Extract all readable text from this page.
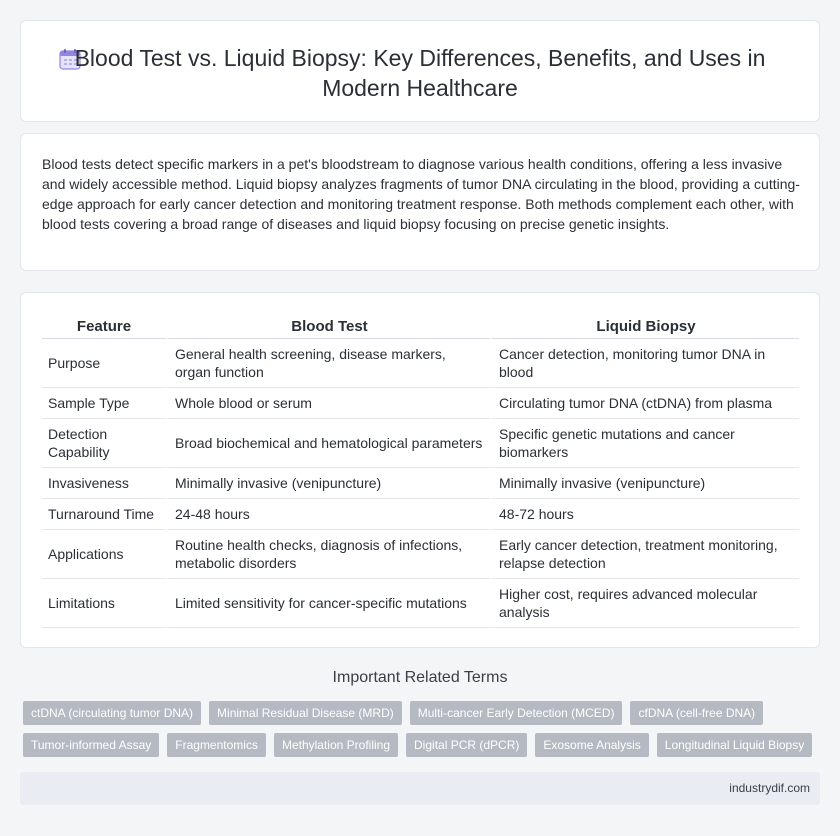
Blood Test vs. Liquid Biopsy: Key Differences, Benefits, and Uses in Modern Healthcare

Blood tests detect specific markers in a pet's bloodstream to diagnose various health conditions, offering a less invasive and widely accessible method. Liquid biopsy analyzes fragments of tumor DNA circulating in the blood, providing a cutting-edge approach for early cancer detection and monitoring treatment response. Both methods complement each other, with blood tests covering a broad range of diseases and liquid biopsy focusing on precise genetic insights.

Feature	Blood Test	Liquid Biopsy
Purpose	General health screening, disease markers, organ function	Cancer detection, monitoring tumor DNA in blood
Sample Type	Whole blood or serum	Circulating tumor DNA (ctDNA) from plasma
Detection Capability	Broad biochemical and hematological parameters	Specific genetic mutations and cancer biomarkers
Invasiveness	Minimally invasive (venipuncture)	Minimally invasive (venipuncture)
Turnaround Time	24-48 hours	48-72 hours
Applications	Routine health checks, diagnosis of infections, metabolic disorders	Early cancer detection, treatment monitoring, relapse detection
Limitations	Limited sensitivity for cancer-specific mutations	Higher cost, requires advanced molecular analysis
Important Related Terms
ctDNA (circulating tumor DNA)	Minimal Residual Disease (MRD)	Multi-cancer Early Detection (MCED)	cfDNA (cell-free DNA)
Tumor-informed Assay	Fragmentomics	Methylation Profiling	Digital PCR (dPCR)	Exosome Analysis	Longitudinal Liquid Biopsy
industrydif.com
